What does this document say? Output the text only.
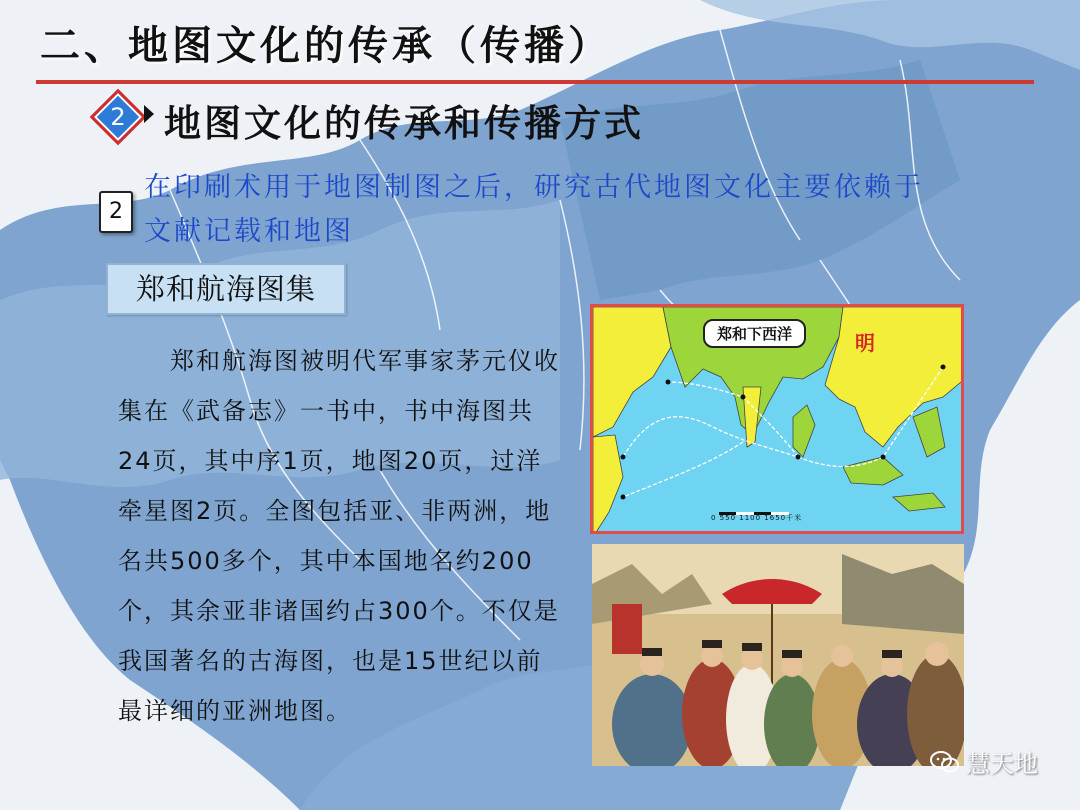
二、地图文化的传承（传播）
2	地图文化的传承和传播方式
2
在印刷术用于地图制图之后，研究古代地图文化主要依赖于文献记载和地图
郑和航海图集
郑和航海图被明代军事家茅元仪收集在《武备志》一书中，书中海图共24页，其中序1页，地图20页，过洋牵星图2页。全图包括亚、非两洲，地名共500多个，其中本国地名约200个，其余亚非诸国约占300个。不仅是我国著名的古海图，也是15世纪以前最详细的亚洲地图。
郑和下西洋	明
0 550 1100 1650千米
慧天地
